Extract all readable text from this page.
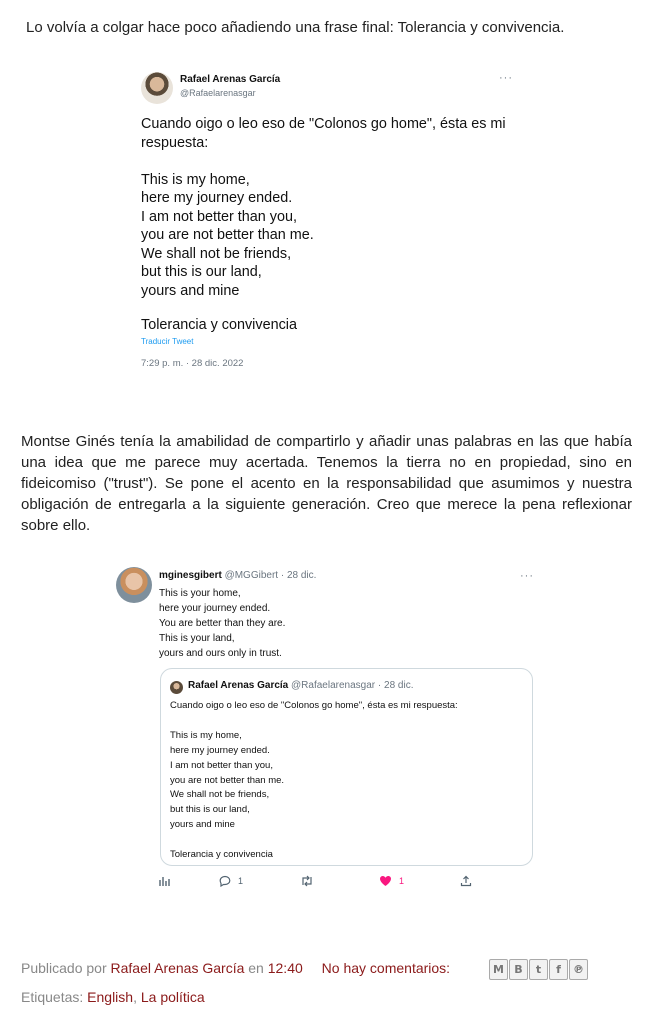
Lo volvía a colgar hace poco añadiendo una frase final: Tolerancia y convivencia.
Rafael Arenas García
@Rafaelarenasgar
···

Cuando oigo o leo eso de "Colonos go home", ésta es mi respuesta:

This is my home,

here my journey ended.

I am not better than you,

you are not better than me.

We shall not be friends,

but this is our land,

yours and mine

Tolerancia y convivencia
Traducir Tweet
7:29 p. m. · 28 dic. 2022
Montse Ginés tenía la amabilidad de compartirlo y añadir unas palabras en las que había una idea que me parece muy acertada. Tenemos la tierra no en propiedad, sino en fideicomiso ("trust"). Se pone el acento en la responsabilidad que asumimos y nuestra obligación de entregarla a la siguiente generación. Creo que merece la pena reflexionar sobre ello.
mginesgibert @MGGibert · 28 dic.	···

This is your home,

here your journey ended.

You are better than they are.

This is your land,

yours and ours only in trust.

Rafael Arenas García @Rafaelarenasgar · 28 dic.

Cuando oigo o leo eso de "Colonos go home", ésta es mi respuesta:

This is my home,

here my journey ended.

I am not better than you,

you are not better than me.

We shall not be friends,

but this is our land,

yours and mine

Tolerancia y convivencia

1	1
Publicado por Rafael Arenas García en 12:40 No hay comentarios:	M B	t	f	℗
Etiquetas: English, La política
